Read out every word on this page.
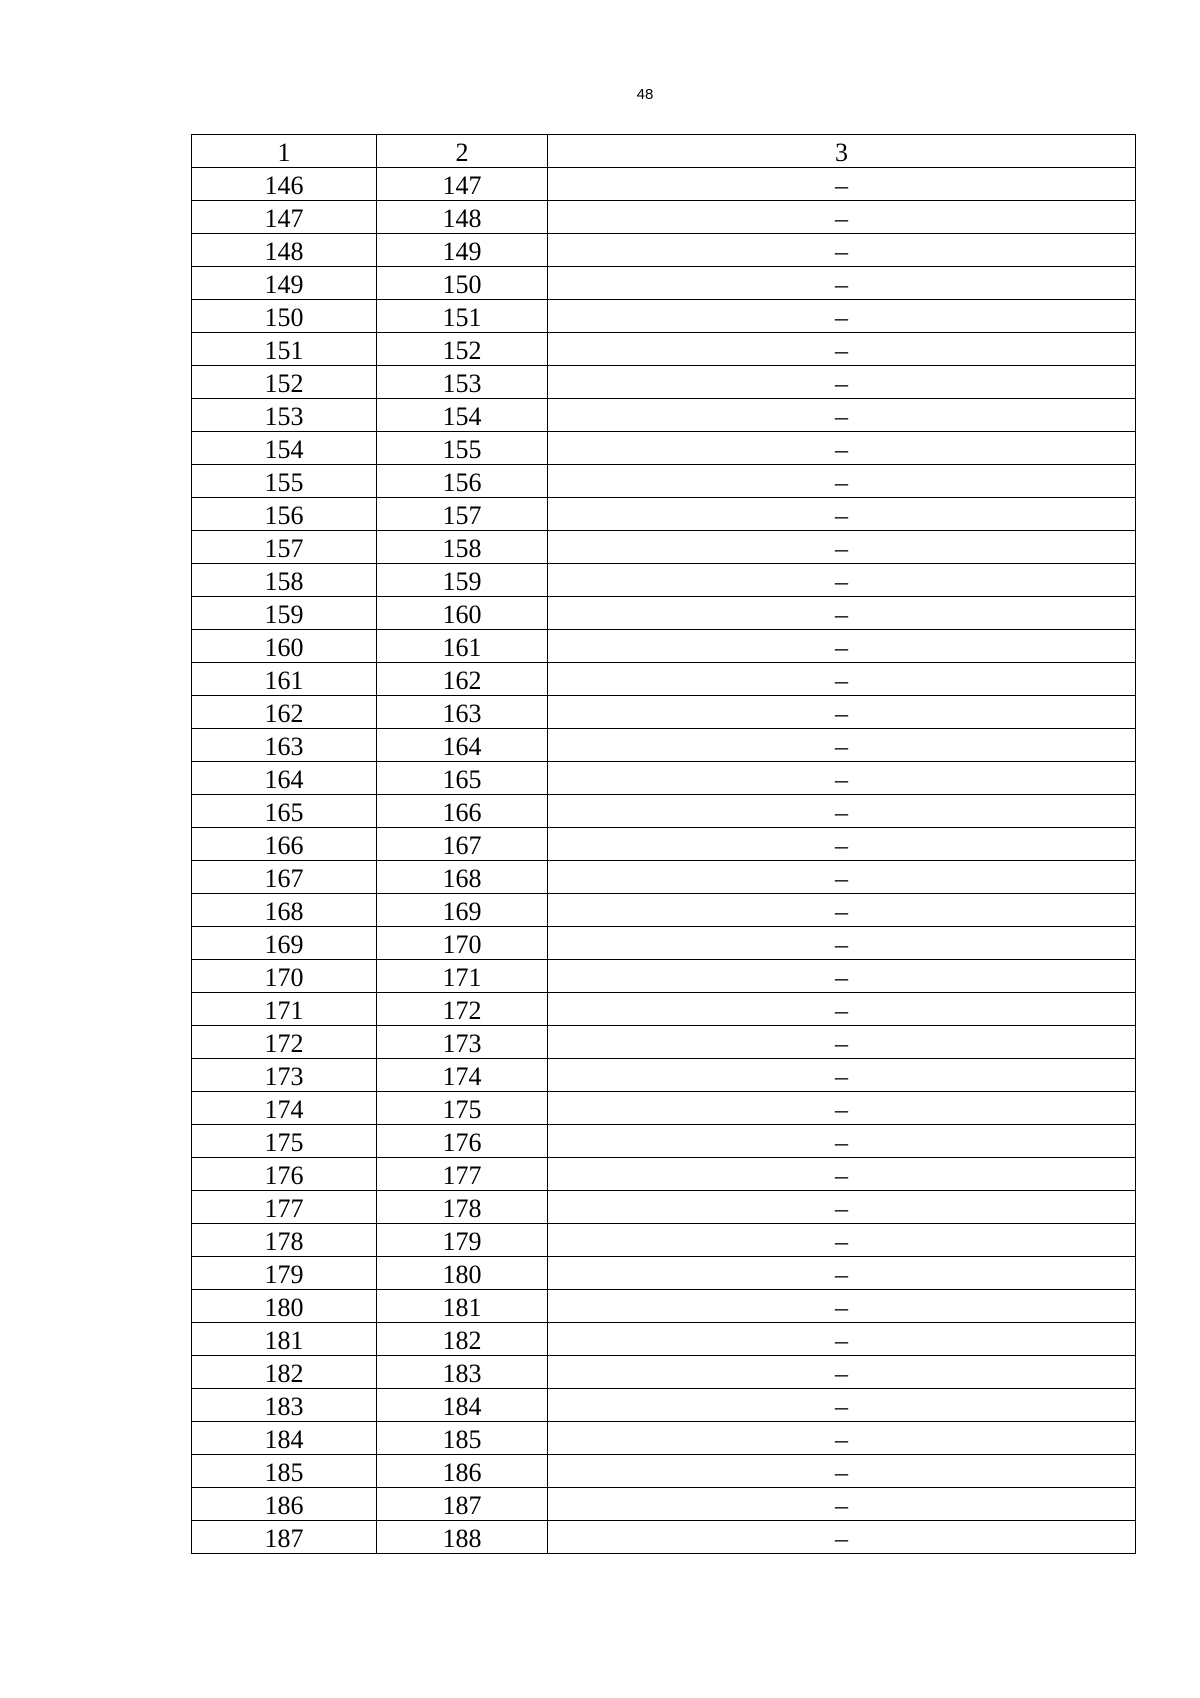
48
1	2	3
146	147	–
147	148	–
148	149	–
149	150	–
150	151	–
151	152	–
152	153	–
153	154	–
154	155	–
155	156	–
156	157	–
157	158	–
158	159	–
159	160	–
160	161	–
161	162	–
162	163	–
163	164	–
164	165	–
165	166	–
166	167	–
167	168	–
168	169	–
169	170	–
170	171	–
171	172	–
172	173	–
173	174	–
174	175	–
175	176	–
176	177	–
177	178	–
178	179	–
179	180	–
180	181	–
181	182	–
182	183	–
183	184	–
184	185	–
185	186	–
186	187	–
187	188	–
